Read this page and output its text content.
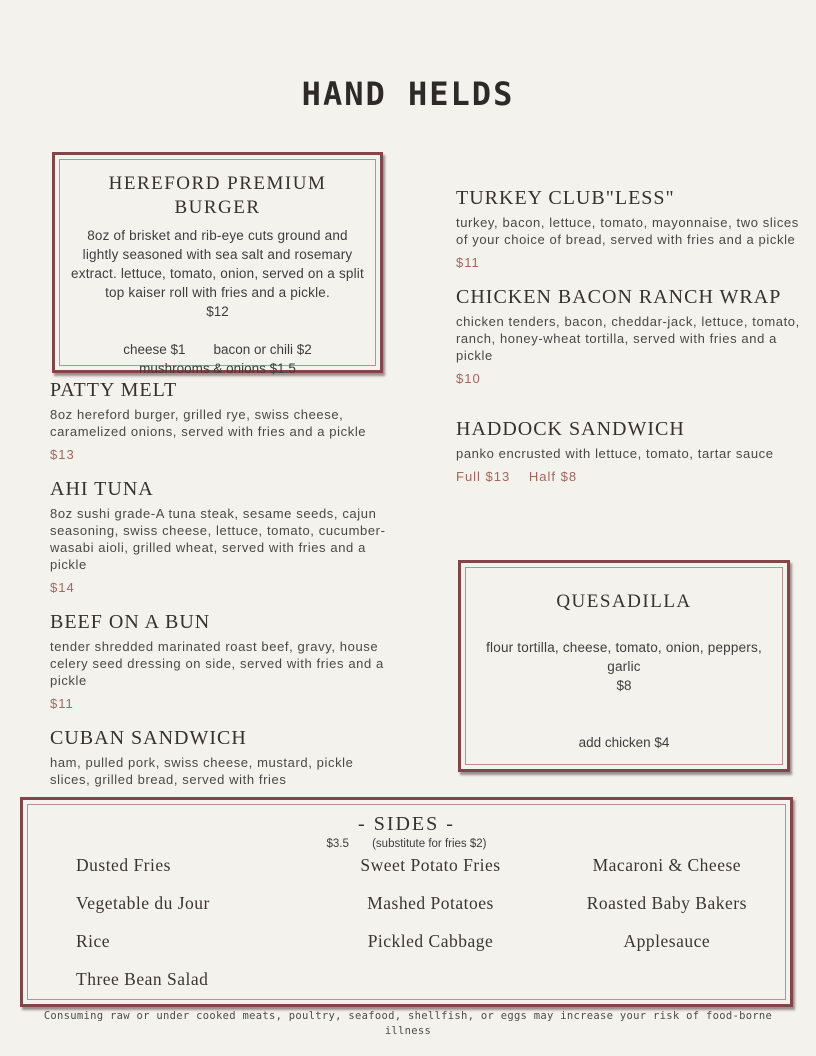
HAND HELDS
HEREFORD PREMIUM BURGER

8oz of brisket and rib-eye cuts ground and lightly seasoned with sea salt and rosemary extract. lettuce, tomato, onion, served on a split top kaiser roll with fries and a pickle.

$12
cheese $1 bacon or chili $2
mushrooms & onions $1.5
PATTY MELT

8oz hereford burger, grilled rye, swiss cheese, caramelized onions, served with fries and a pickle

$13
AHI TUNA

8oz sushi grade-A tuna steak, sesame seeds, cajun seasoning, swiss cheese, lettuce, tomato, cucumber-wasabi aioli, grilled wheat, served with fries and a pickle

$14
BEEF ON A BUN

tender shredded marinated roast beef, gravy, house celery seed dressing on side, served with fries and a pickle

$11
CUBAN SANDWICH

ham, pulled pork, swiss cheese, mustard, pickle slices, grilled bread, served with fries

TURKEY CLUB"LESS"

turkey, bacon, lettuce, tomato, mayonnaise, two slices of your choice of bread, served with fries and a pickle

$11
CHICKEN BACON RANCH WRAP

chicken tenders, bacon, cheddar-jack, lettuce, tomato, ranch, honey-wheat tortilla, served with fries and a pickle

$10
HADDOCK SANDWICH

panko encrusted with lettuce, tomato, tartar sauce

Full $13 Half $8
QUESADILLA

flour tortilla, cheese, tomato, onion, peppers, garlic

$8
add chicken $4
- SIDES -
$3.5 (substitute for fries $2)
Dusted Fries
Vegetable du Jour
Rice
Three Bean Salad
Sweet Potato Fries
Mashed Potatoes
Pickled Cabbage
Macaroni & Cheese
Roasted Baby Bakers
Applesauce
Consuming raw or under cooked meats, poultry, seafood, shellfish, or eggs may increase your risk of food-borne
illness
